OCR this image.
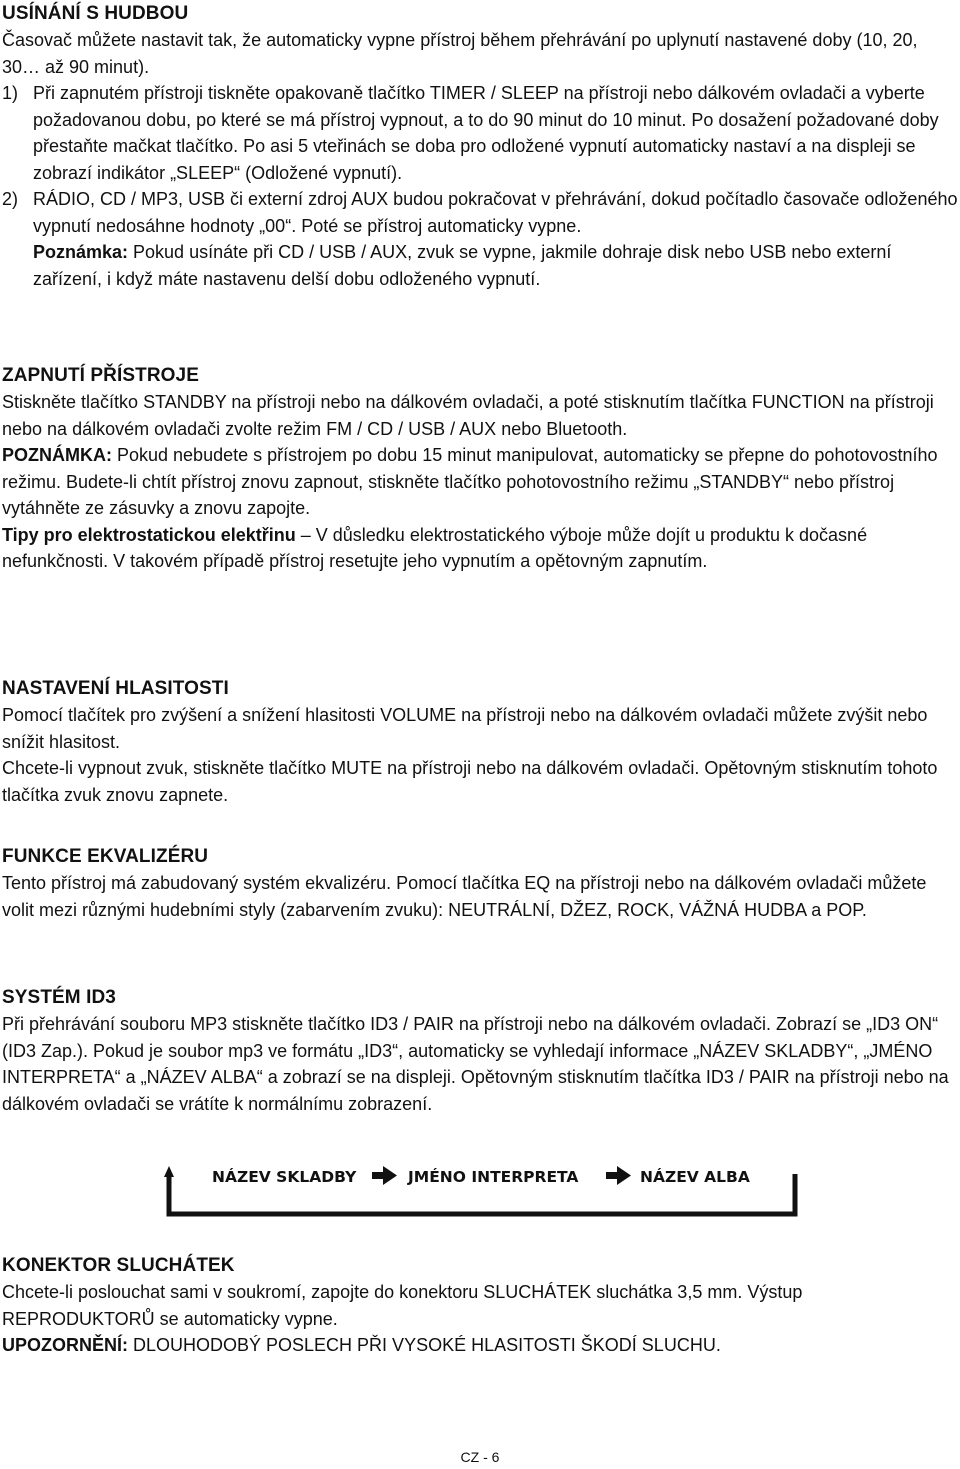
USÍNÁNÍ S HUDBOU

Časovač můžete nastavit tak, že automaticky vypne přístroj během přehrávání po uplynutí nastavené doby (10, 20, 30… až 90 minut).

1) Při zapnutém přístroji tiskněte opakovaně tlačítko TIMER / SLEEP na přístroji nebo dálkovém ovladači a vyberte požadovanou dobu, po které se má přístroj vypnout, a to do 90 minut do 10 minut. Po dosažení požadované doby přestaňte mačkat tlačítko. Po asi 5 vteřinách se doba pro odložené vypnutí automaticky nastaví a na displeji se zobrazí indikátor „SLEEP“ (Odložené vypnutí).
2) RÁDIO, CD / MP3, USB či externí zdroj AUX budou pokračovat v přehrávání, dokud počítadlo časovače odloženého vypnutí nedosáhne hodnoty „00“. Poté se přístroj automaticky vypne.
Poznámka: Pokud usínáte při CD / USB / AUX, zvuk se vypne, jakmile dohraje disk nebo USB nebo externí zařízení, i když máte nastavenu delší dobu odloženého vypnutí.
ZAPNUTÍ PŘÍSTROJE

Stiskněte tlačítko STANDBY na přístroji nebo na dálkovém ovladači, a poté stisknutím tlačítka FUNCTION na přístroji nebo na dálkovém ovladači zvolte režim FM / CD / USB / AUX nebo Bluetooth.

POZNÁMKA: Pokud nebudete s přístrojem po dobu 15 minut manipulovat, automaticky se přepne do pohotovostního režimu. Budete-li chtít přístroj znovu zapnout, stiskněte tlačítko pohotovostního režimu „STANDBY“ nebo přístroj vytáhněte ze zásuvky a znovu zapojte.

Tipy pro elektrostatickou elektřinu – V důsledku elektrostatického výboje může dojít u produktu k dočasné nefunkčnosti. V takovém případě přístroj resetujte jeho vypnutím a opětovným zapnutím.

NASTAVENÍ HLASITOSTI

Pomocí tlačítek pro zvýšení a snížení hlasitosti VOLUME na přístroji nebo na dálkovém ovladači můžete zvýšit nebo snížit hlasitost.

Chcete-li vypnout zvuk, stiskněte tlačítko MUTE na přístroji nebo na dálkovém ovladači. Opětovným stisknutím tohoto tlačítka zvuk znovu zapnete.

FUNKCE EKVALIZÉRU

Tento přístroj má zabudovaný systém ekvalizéru. Pomocí tlačítka EQ na přístroji nebo na dálkovém ovladači můžete volit mezi různými hudebními styly (zabarvením zvuku): NEUTRÁLNÍ, DŽEZ, ROCK, VÁŽNÁ HUDBA a POP.

SYSTÉM ID3

Při přehrávání souboru MP3 stiskněte tlačítko ID3 / PAIR na přístroji nebo na dálkovém ovladači. Zobrazí se „ID3 ON“ (ID3 Zap.). Pokud je soubor mp3 ve formátu „ID3“, automaticky se vyhledají informace „NÁZEV SKLADBY“, „JMÉNO INTERPRETA“ a „NÁZEV ALBA“ a zobrazí se na displeji. Opětovným stisknutím tlačítka ID3 / PAIR na přístroji nebo na dálkovém ovladači se vrátíte k normálnímu zobrazení.

NÁZEV SKLADBY	JMÉNO INTERPRETA	NÁZEV ALBA
KONEKTOR SLUCHÁTEK

Chcete-li poslouchat sami v soukromí, zapojte do konektoru SLUCHÁTEK sluchátka 3,5 mm. Výstup REPRODUKTORŮ se automaticky vypne.

UPOZORNĚNÍ: DLOUHODOBÝ POSLECH PŘI VYSOKÉ HLASITOSTI ŠKODÍ SLUCHU.

CZ - 6
